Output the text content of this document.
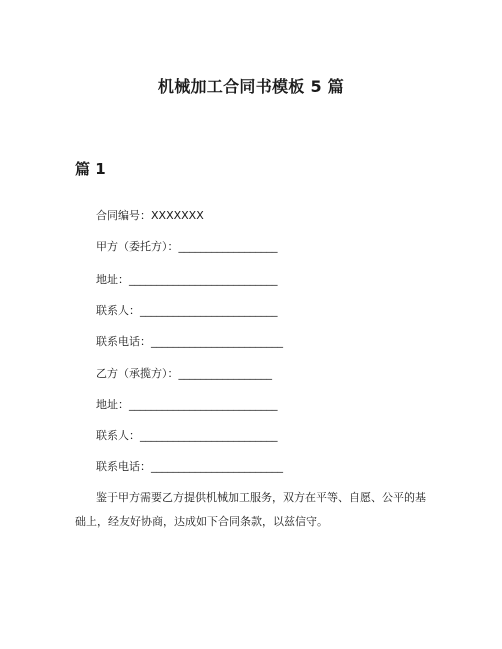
机械加工合同书模板 5 篇
篇 1
合同编号：XXXXXXX
甲方（委托方）：__________________
地址：___________________________
联系人：_________________________
联系电话：________________________
乙方（承揽方）：_________________
地址：___________________________
联系人：_________________________
联系电话：________________________
鉴于甲方需要乙方提供机械加工服务，双方在平等、自愿、公平的基础上，经友好协商，达成如下合同条款，以兹信守。
